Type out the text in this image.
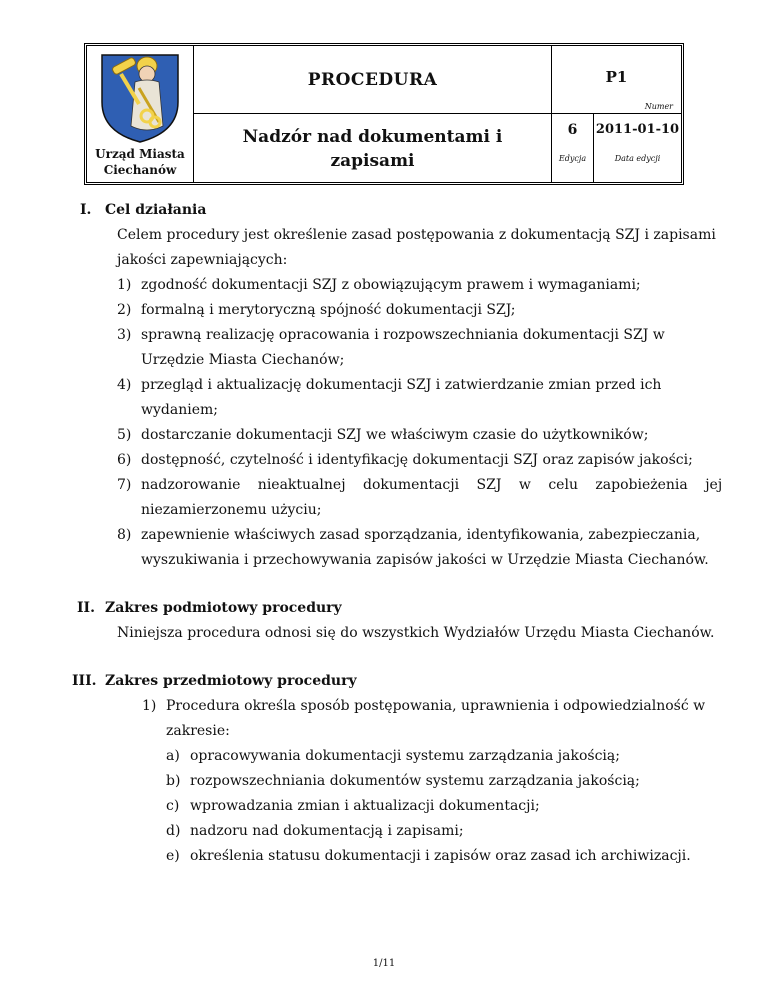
Urząd Miasta
Ciechanów
PROCEDURA	P1
Numer
Nadzór nad dokumentami i zapisami
6
Edycja
2011-01-10
Data edycji
I. Cel działania
Celem procedury jest określenie zasad postępowania z dokumentacją SZJ i zapisami
jakości zapewniających:
1) zgodność dokumentacji SZJ z obowiązującym prawem i wymaganiami;
2) formalną i merytoryczną spójność dokumentacji SZJ;
3) sprawną realizację opracowania i rozpowszechniania dokumentacji SZJ w
Urzędzie Miasta Ciechanów;
4) przegląd i aktualizację dokumentacji SZJ i zatwierdzanie zmian przed ich
wydaniem;
5) dostarczanie dokumentacji SZJ we właściwym czasie do użytkowników;
6) dostępność, czytelność i identyfikację dokumentacji SZJ oraz zapisów jakości;
7) nadzorowanie nieaktualnej dokumentacji SZJ w celu zapobieżenia jej
niezamierzonemu użyciu;
8) zapewnienie właściwych zasad sporządzania, identyfikowania, zabezpieczania,
wyszukiwania i przechowywania zapisów jakości w Urzędzie Miasta Ciechanów.
II. Zakres podmiotowy procedury
Niniejsza procedura odnosi się do wszystkich Wydziałów Urzędu Miasta Ciechanów.
III. Zakres przedmiotowy procedury
1) Procedura określa sposób postępowania, uprawnienia i odpowiedzialność w
zakresie:
a) opracowywania dokumentacji systemu zarządzania jakością;
b) rozpowszechniania dokumentów systemu zarządzania jakością;
c) wprowadzania zmian i aktualizacji dokumentacji;
d) nadzoru nad dokumentacją i zapisami;
e) określenia statusu dokumentacji i zapisów oraz zasad ich archiwizacji.
1/11
